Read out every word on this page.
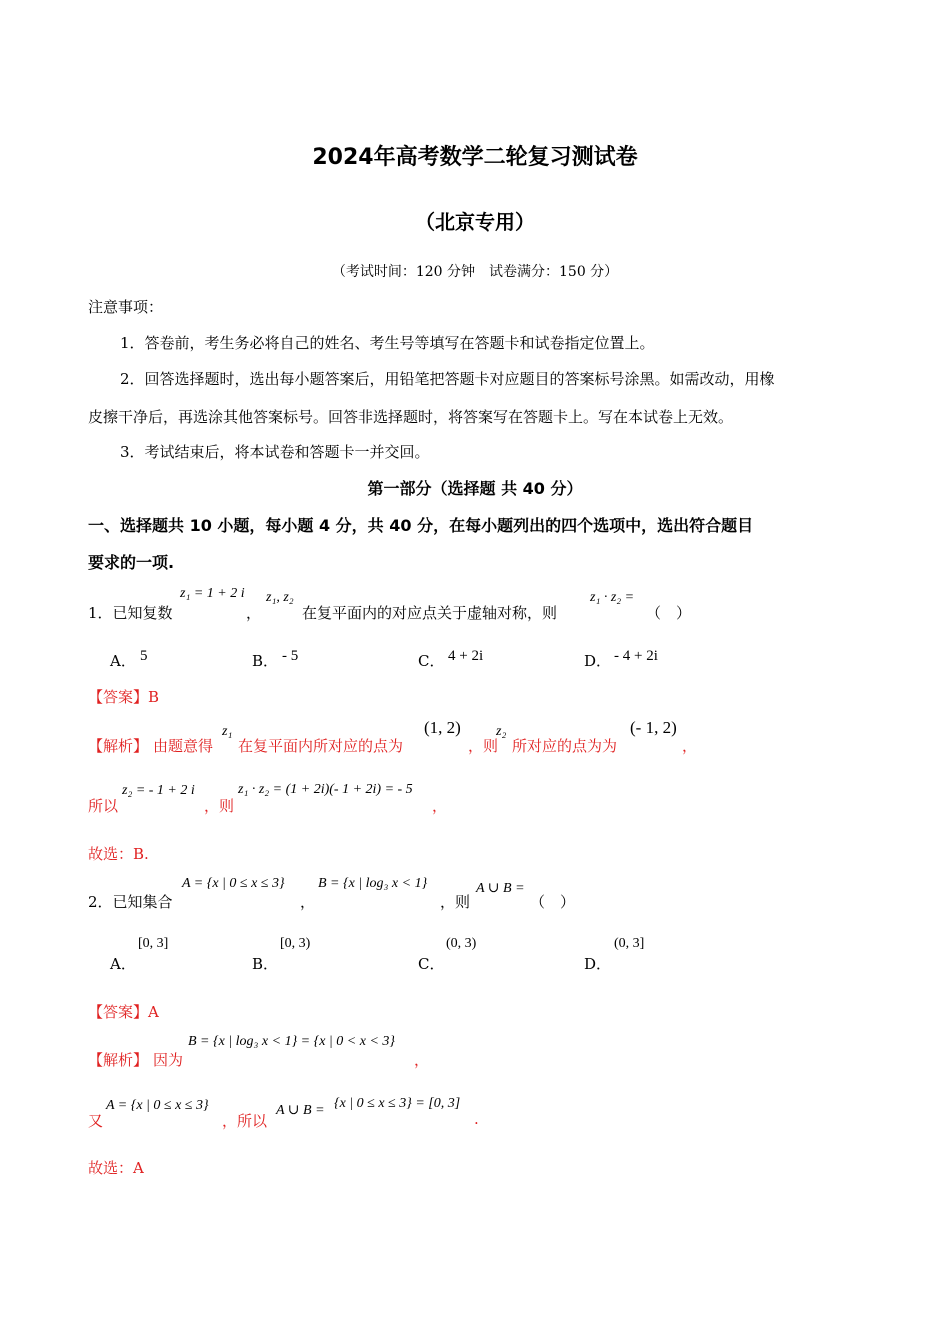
2024年高考数学二轮复习测试卷
（北京专用）
（考试时间：120 分钟　试卷满分：150 分）
注意事项：
1．答卷前，考生务必将自己的姓名、考生号等填写在答题卡和试卷指定位置上。
2．回答选择题时，选出每小题答案后，用铅笔把答题卡对应题目的答案标号涂黑。如需改动，用橡
皮擦干净后，再选涂其他答案标号。回答非选择题时，将答案写在答题卡上。写在本试卷上无效。
3．考试结束后，将本试卷和答题卡一并交回。
第一部分（选择题 共 40 分）
一、选择题共 10 小题，每小题 4 分，共 40 分，在每小题列出的四个选项中，选出符合题目
要求的一项.
1．已知复数
z₁ = 1 + 2 i
，
z₁, z₂
在复平面内的对应点关于虚轴对称，则
z₁ · z₂ =
（　）
A． 5	B． - 5	C． 4 + 2i	D． - 4 + 2i
【答案】B
【解析】 由题意得
z₁
在复平面内所对应的点为
(1, 2)
，则
z₂
所对应的点为为
(- 1, 2)
，
所以
z₂ = - 1 + 2 i
，则
z₁ · z₂ = (1 + 2i)(- 1 + 2i) = - 5
，
故选：B.
2．已知集合
A = {x | 0 ≤ x ≤ 3}
，
B = {x | log₃ x < 1}
，则
A ∪ B =
（　）
A．
[0, 3]
B．
[0, 3)
C．
(0, 3)
D．
(0, 3]
【答案】A
【解析】 因为
B = {x | log₃ x < 1} = {x | 0 < x < 3}
，
又
A = {x | 0 ≤ x ≤ 3}
，所以
A ∪ B = {x | 0 ≤ x ≤ 3} = [0, 3]
.
故选：A
